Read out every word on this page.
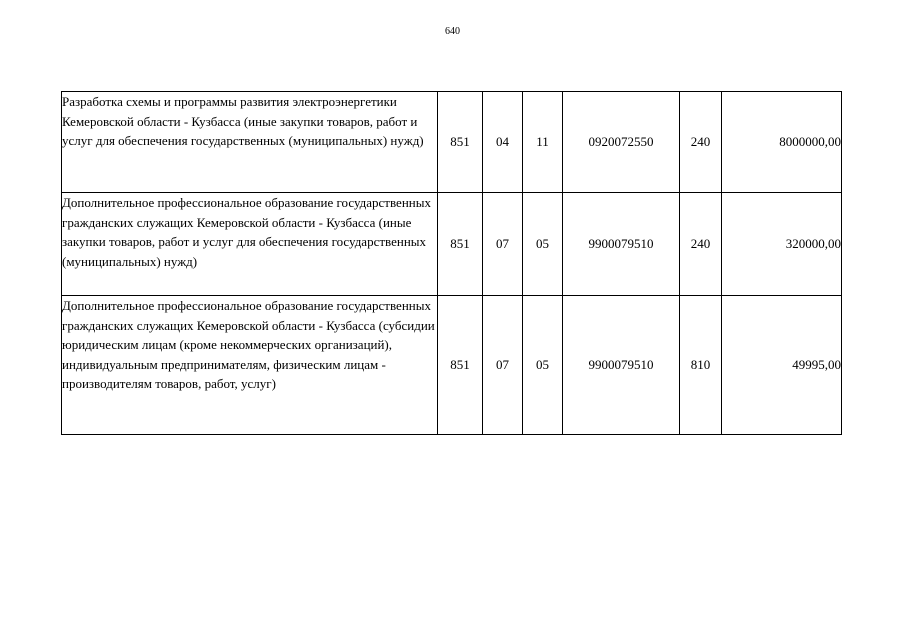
640
Разработка схемы и программы развития электроэнергетики Кемеровской области - Кузбасса (иные закупки товаров, работ и услуг для обеспечения государственных (муниципальных) нужд)	851	04	11	0920072550	240	8000000,00
Дополнительное профессиональное образование государственных гражданских служащих Кемеровской области - Кузбасса (иные закупки товаров, работ и услуг для обеспечения государственных (муниципальных) нужд)	851	07	05	9900079510	240	320000,00
Дополнительное профессиональное образование государственных гражданских служащих Кемеровской области - Кузбасса (субсидии юридическим лицам (кроме некоммерческих организаций), индивидуальным предпринимателям, физическим лицам - производителям товаров, работ, услуг)	851	07	05	9900079510	810	49995,00
